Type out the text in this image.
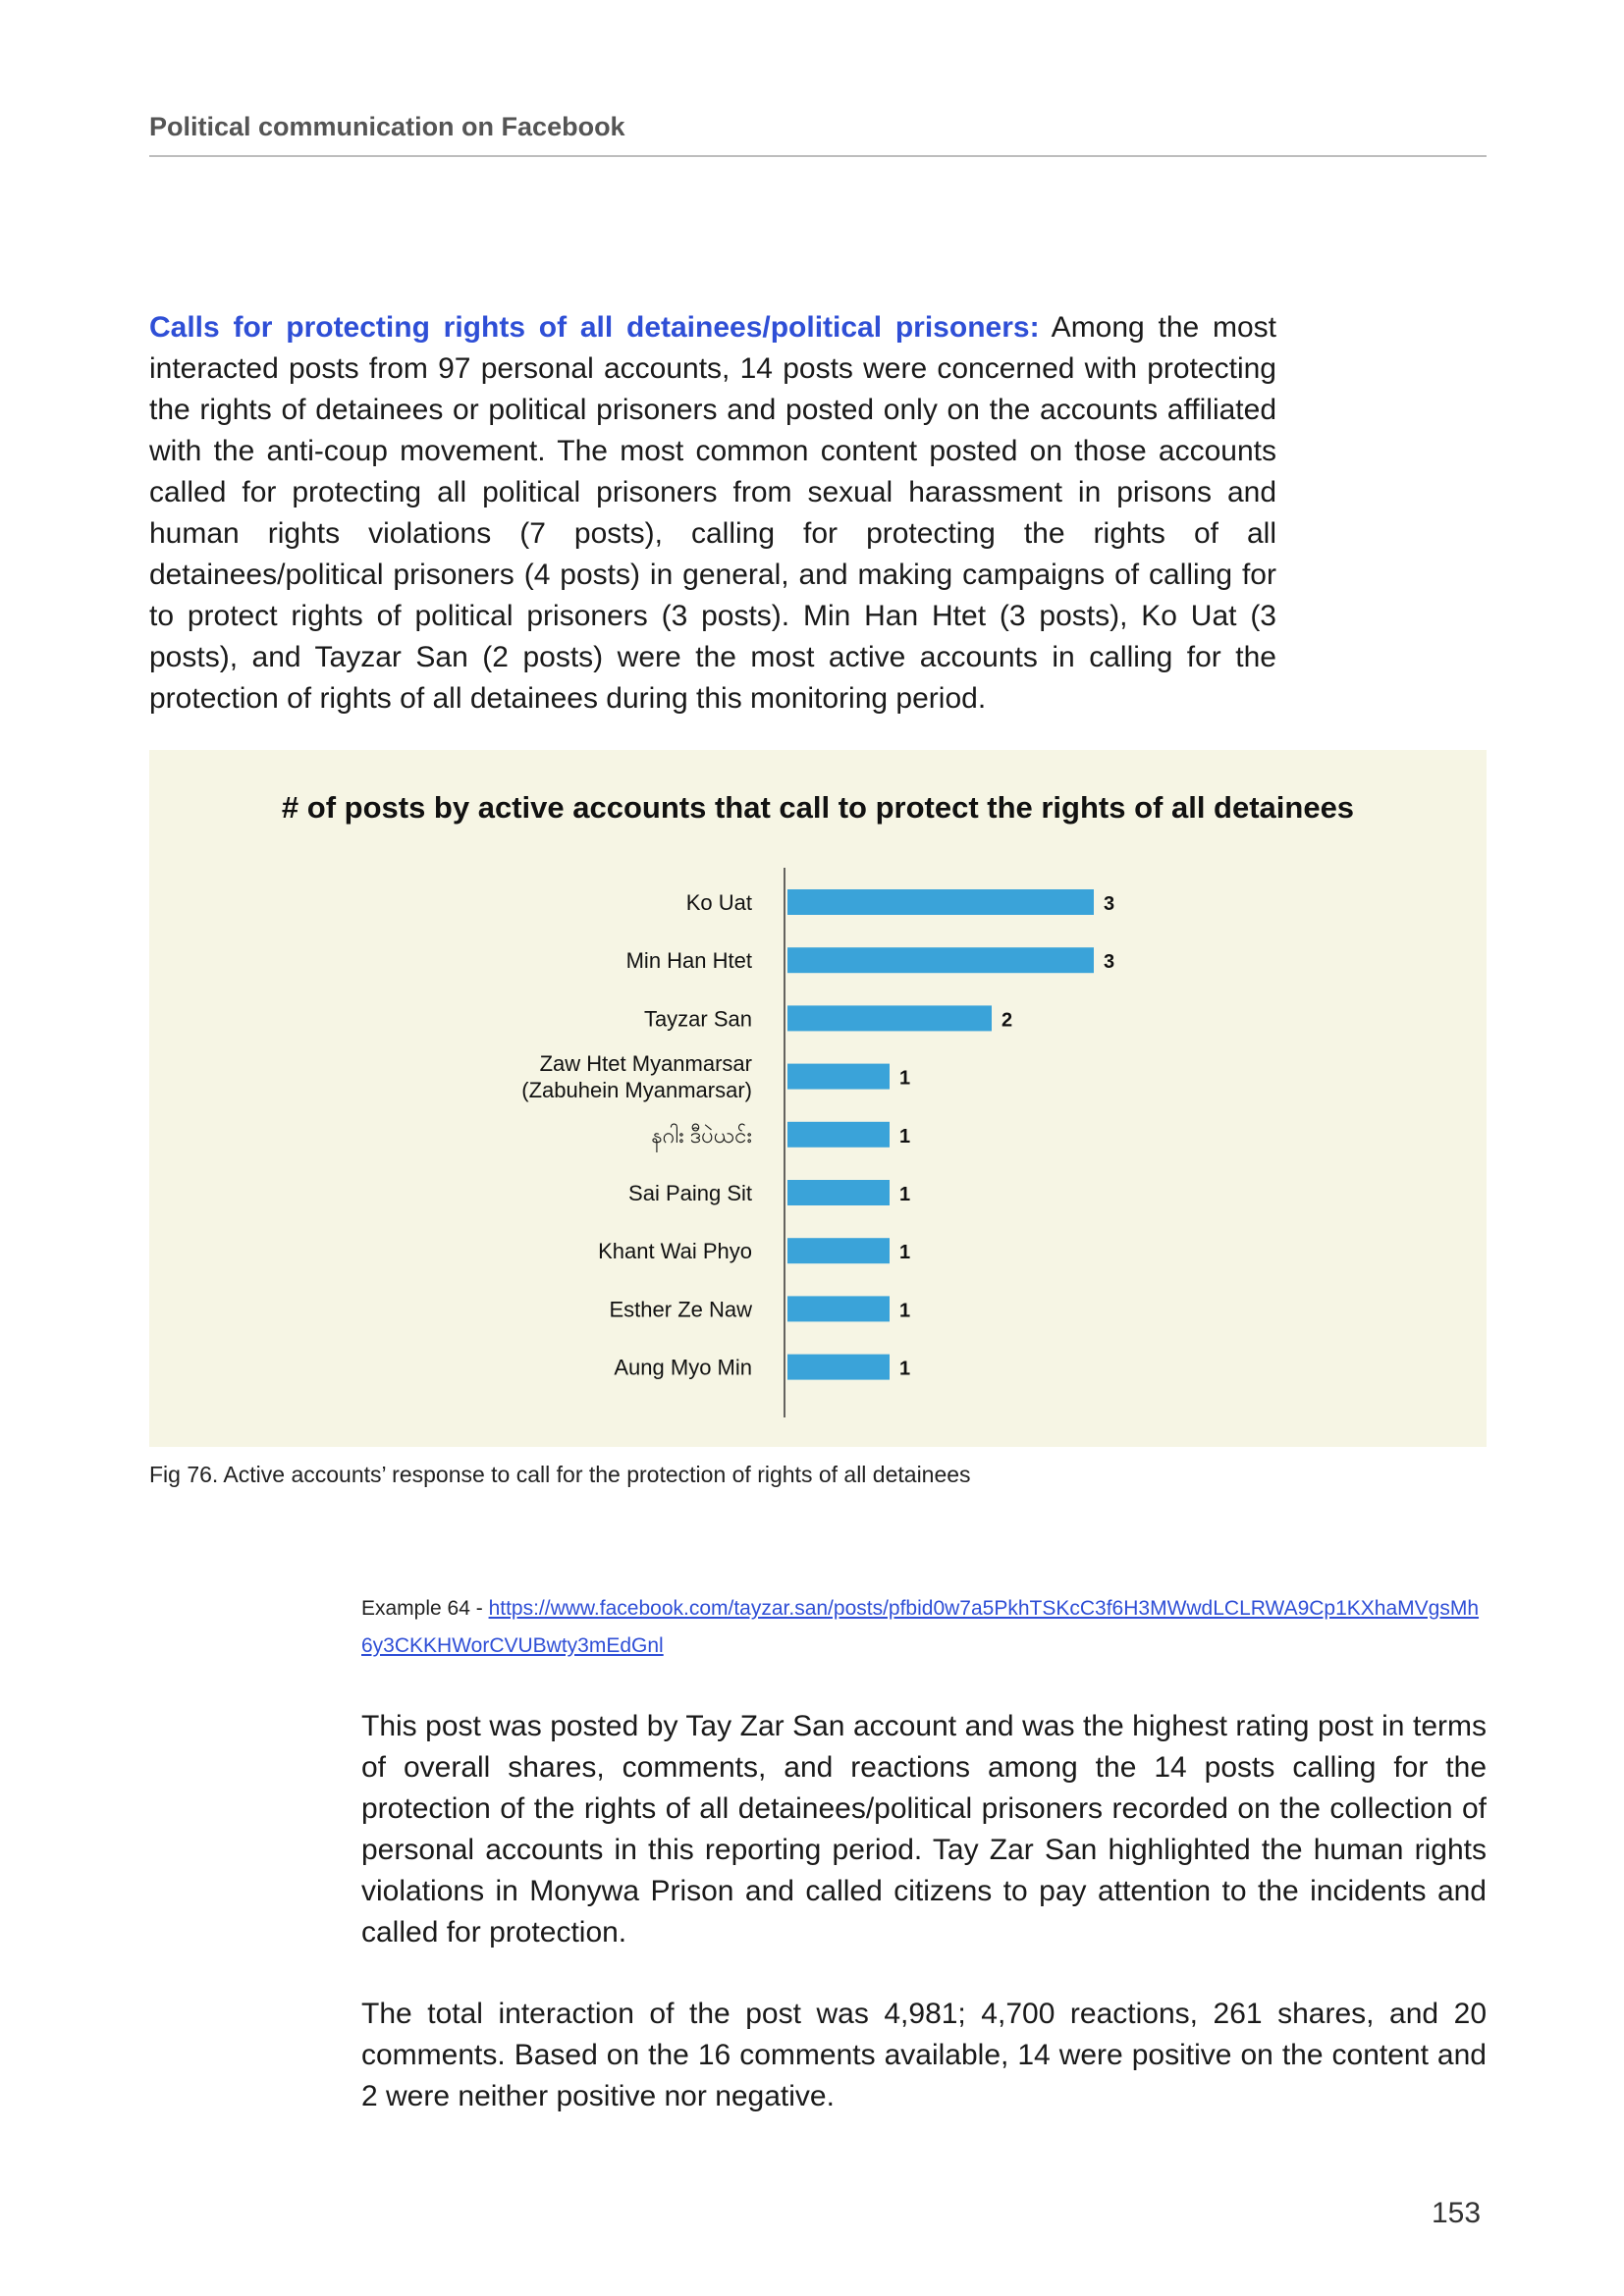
Political communication on Facebook

Calls for protecting rights of all detainees/political prisoners: Among the most interacted posts from 97 personal accounts, 14 posts were concerned with protecting the rights of detainees or political prisoners and posted only on the accounts affiliated with the anti-coup movement. The most common content posted on those accounts called for protecting all political prisoners from sexual harassment in prisons and human rights violations (7 posts), calling for protecting the rights of all detainees/political prisoners (4 posts) in general, and making campaigns of calling for to protect rights of political prisoners (3 posts). Min Han Htet (3 posts), Ko Uat (3 posts), and Tayzar San (2 posts) were the most active accounts in calling for the protection of rights of all detainees during this monitoring period.

# of posts by active accounts that call to protect the rights of all detainees
3
Ko Uat
3
Min Han Htet
2
Tayzar San
1
Zaw Htet Myanmarsar
(Zabuhein Myanmarsar)
1
နဂါး ဒီပဲယင်း
1
Sai Paing Sit
1
Khant Wai Phyo
1
Esther Ze Naw
1
Aung Myo Min
Fig 76. Active accounts’ response to call for the protection of rights of all detainees
Example 64 - https://www.facebook.com/tayzar.san/posts/pfbid0w7a5PkhTSKcC3f6H3MWwdLCLRWA9Cp1KXhaMVgsMh6y3CKKHWorCVUBwty3mEdGnl

This post was posted by Tay Zar San account and was the highest rating post in terms of overall shares, comments, and reactions among the 14 posts calling for the protection of the rights of all detainees/political prisoners recorded on the collection of personal accounts in this reporting period. Tay Zar San highlighted the human rights violations in Monywa Prison and called citizens to pay attention to the incidents and called for protection.

The total interaction of the post was 4,981; 4,700 reactions, 261 shares, and 20 comments. Based on the 16 comments available, 14 were positive on the content and 2 were neither positive nor negative.

153
